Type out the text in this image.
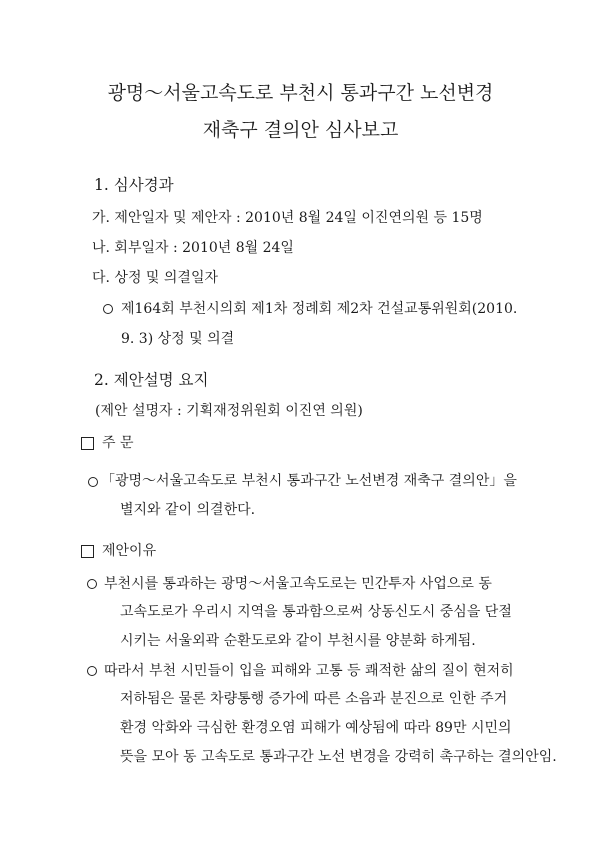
광명～서울고속도로 부천시 통과구간 노선변경
재축구 결의안 심사보고
1. 심사경과
가. 제안일자 및 제안자 : 2010년 8월 24일 이진연의원 등 15명
나. 회부일자 : 2010년 8월 24일
다. 상정 및 의결일자
제164회 부천시의회 제1차 정례회 제2차 건설교통위원회(2010.
9. 3) 상정 및 의결
2. 제안설명 요지
(제안 설명자 : 기획재정위원회 이진연 의원)
주 문
「광명～서울고속도로 부천시 통과구간 노선변경 재축구 결의안」을
별지와 같이 의결한다.
제안이유
부천시를 통과하는 광명～서울고속도로는 민간투자 사업으로 동
고속도로가 우리시 지역을 통과함으로써 상동신도시 중심을 단절
시키는 서울외곽 순환도로와 같이 부천시를 양분화 하게됨.
따라서 부천 시민들이 입을 피해와 고통 등 쾌적한 삶의 질이 현저히
저하됨은 물론 차량통행 증가에 따른 소음과 분진으로 인한 주거
환경 악화와 극심한 환경오염 피해가 예상됨에 따라 89만 시민의
뜻을 모아 동 고속도로 통과구간 노선 변경을 강력히 촉구하는 결의안임.
